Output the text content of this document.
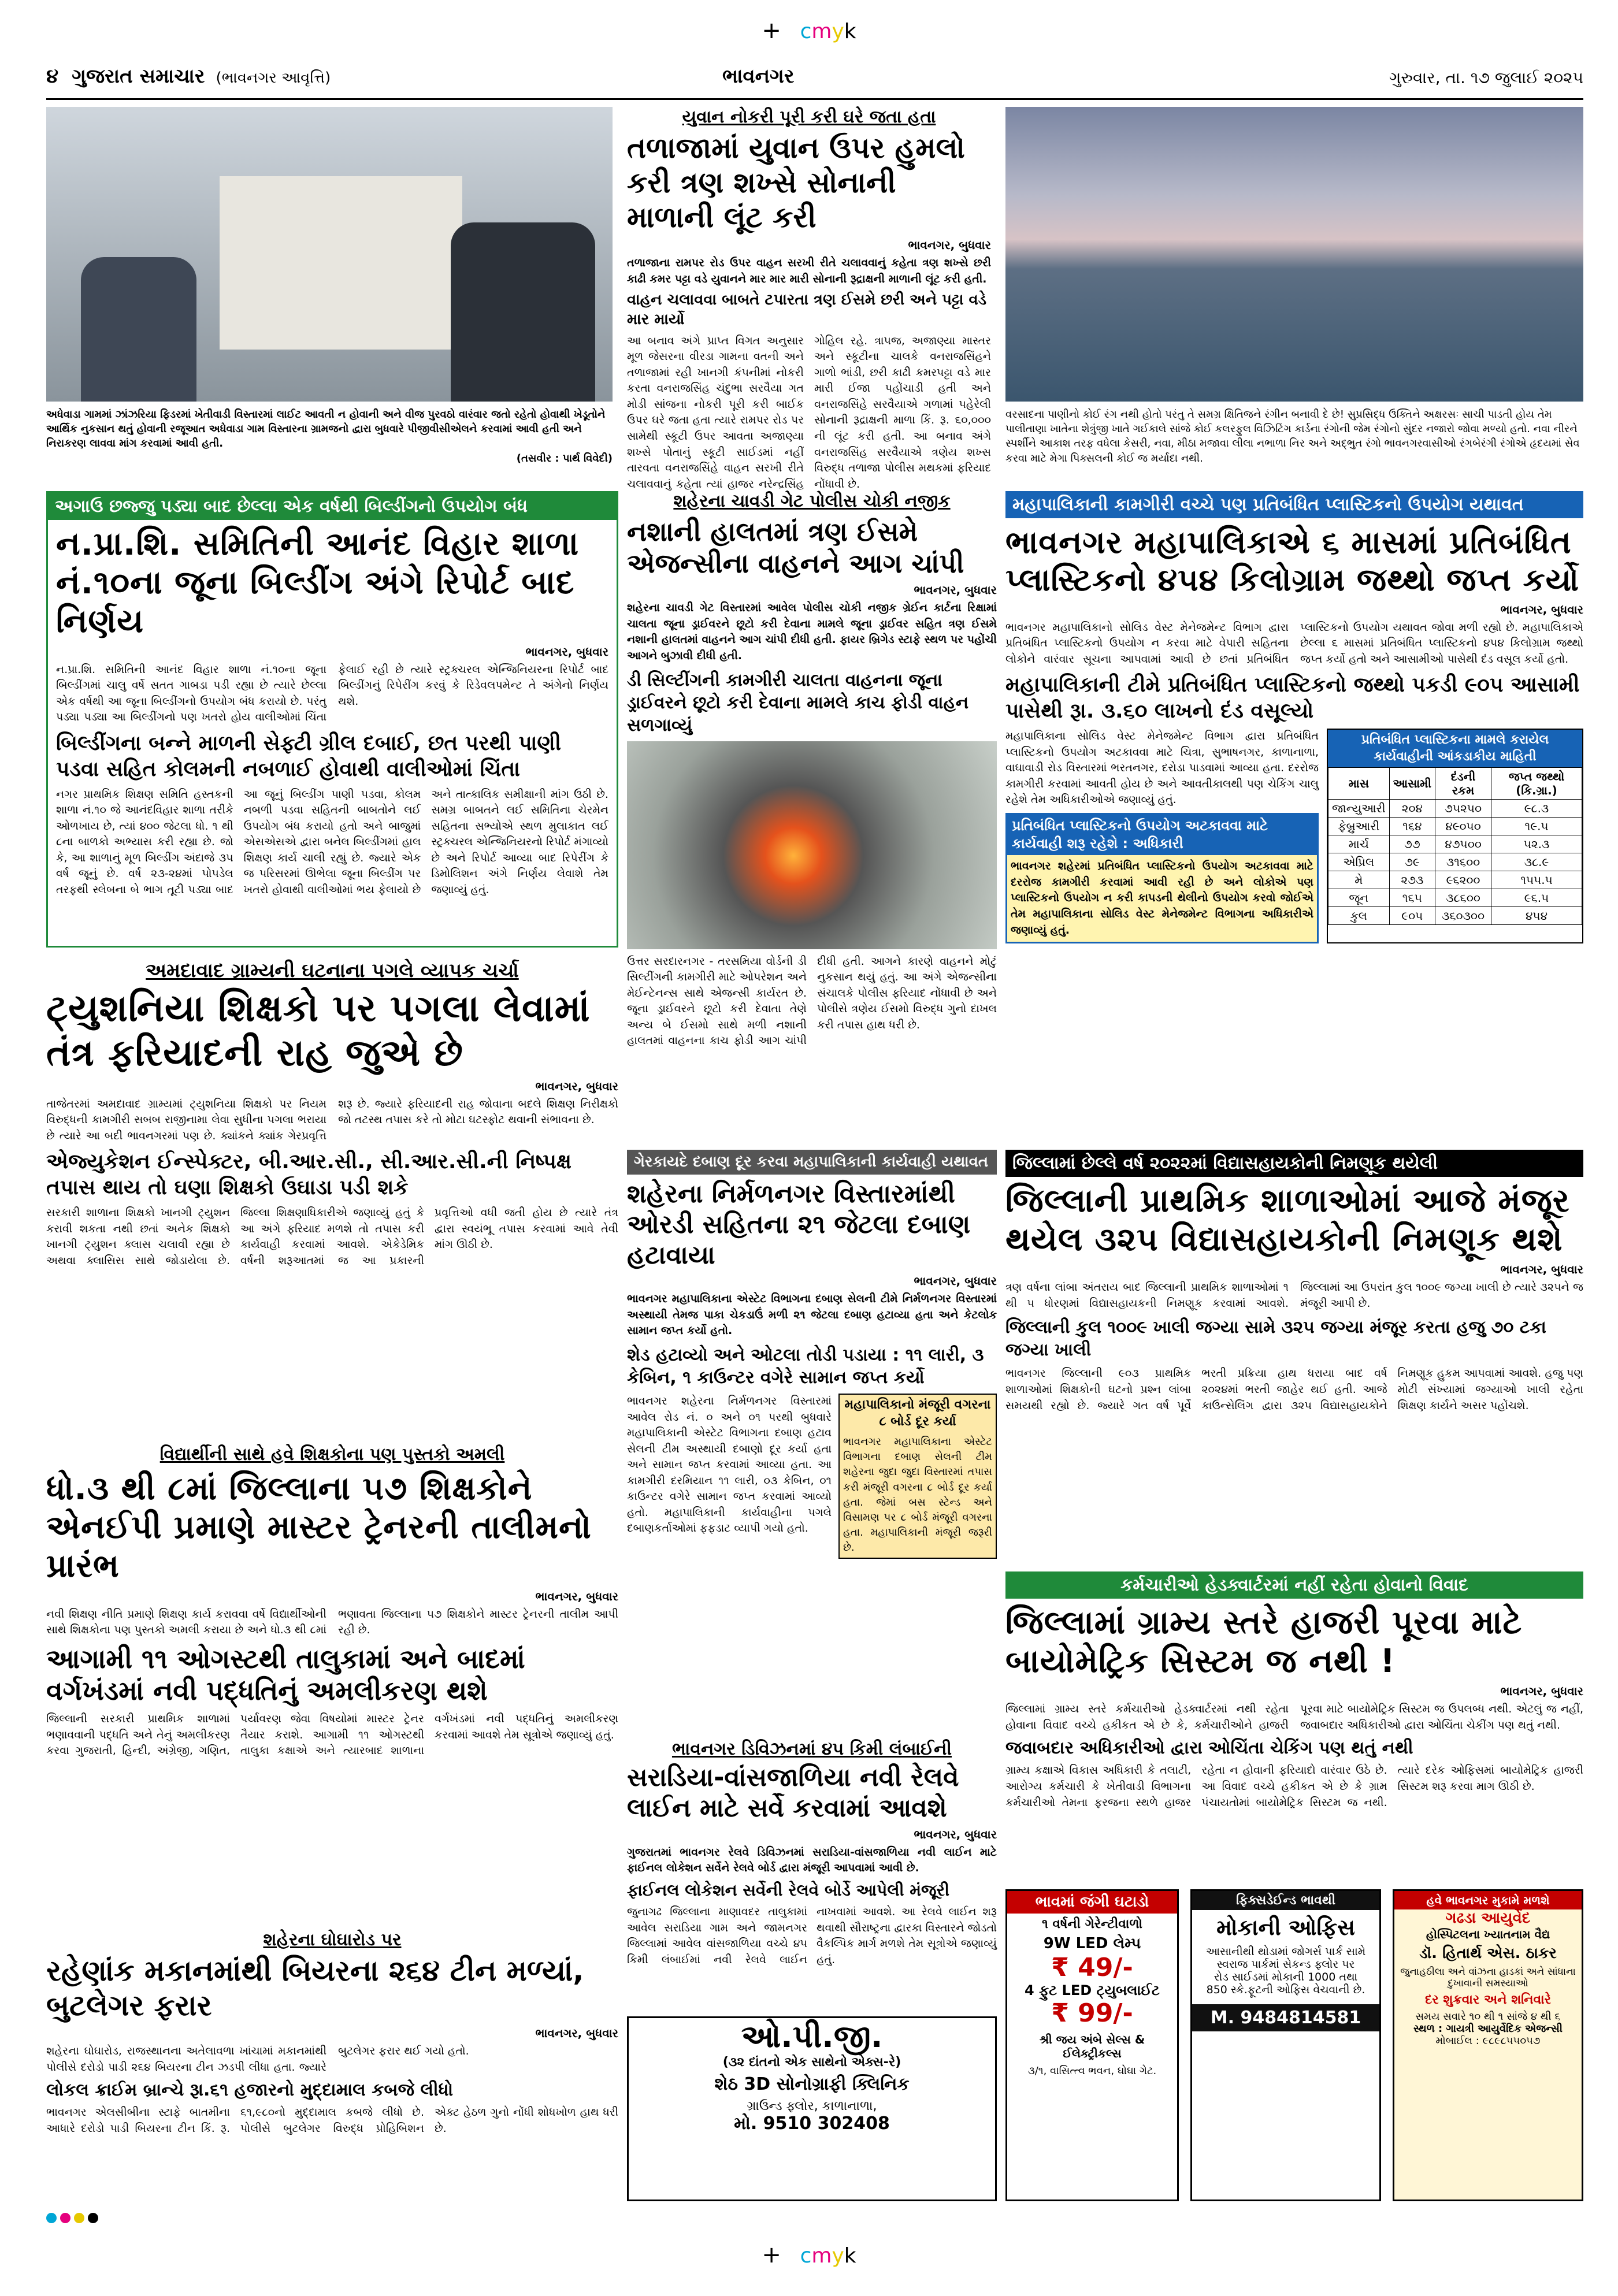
+ cmyk
૪ ગુજરાત સમાચાર (ભાવનગર આવૃત્તિ)	ભાવનગર	ગુરુવાર, તા. ૧૭ જુલાઈ ૨૦૨૫
અધેવાડા ગામમાં ઝાંઝરિયા ફિડરમાં ખેતીવાડી વિસ્તારમાં લાઈટ આવતી ન હોવાની અને વીજ પુરવઠો વારંવાર જતો રહેતો હોવાથી ખેડૂતોને આર્થિક નુકસાન થતું હોવાની રજૂઆત અધેવાડા ગામ વિસ્તારના ગ્રામજનો દ્વારા બુધવારે પીજીવીસીએલને કરવામાં આવી હતી અને નિરાકરણ લાવવા માંગ કરવામાં આવી હતી.
(તસવીર : પાર્થ વિવેદી)
યુવાન નોકરી પૂરી કરી ઘરે જતા હતા
તળાજામાં યુવાન ઉપર હુમલો કરી ત્રણ શખ્સે સોનાની માળાની લૂંટ કરી
ભાવનગર, બુધવાર
તળાજાના રામપર રોડ ઉપર વાહન સરખી રીતે ચલાવવાનું કહેતા ત્રણ શખ્સે છરી કાઢી કમર પટ્ટા વડે યુવાનને માર માર મારી સોનાની રૂદ્રાક્ષની માળાની લૂંટ કરી હતી.
વાહન ચલાવવા બાબતે ટપારતા ત્રણ ઈસમે છરી અને પટ્ટા વડે માર માર્યો
આ બનાવ અંગે પ્રાપ્ત વિગત અનુસાર મૂળ જેસરના વીરડા ગામના વતની અને તળાજામાં રહી ખાનગી કંપનીમાં નોકરી કરતા વનરાજસિંહ ચંદુભા સરવૈયા ગત મોડી સાંજના નોકરી પૂરી કરી બાઈક ઉપર ઘરે જતા હતા ત્યારે રામપર રોડ પર સામેથી સ્કૂટી ઉપર આવતા અજાણ્યા શખ્સે પોતાનું સ્કૂટી સાઈડમાં નહીં તારવતા વનરાજસિંહે વાહન સરખી રીતે ચલાવવાનું કહેતા ત્યાં હાજર નરેન્દ્રસિંહ ગોહિલ રહે. ત્રાપજ, અજાણ્યા માસ્તર અને સ્કૂટીના ચાલકે વનરાજસિંહને ગાળો ભાંડી, છરી કાઢી કમરપટ્ટા વડે માર મારી ઈજા પહોંચાડી હતી અને વનરાજસિંહે સરવૈયાએ ગળામાં પહેરેલી સોનાની રૂદ્રાક્ષની માળા કિં. રૂ. ૬૦,૦૦૦ ની લૂંટ કરી હતી. આ બનાવ અંગે વનરાજસિંહ સરવૈયાએ ત્રણેય શખ્સ વિરુદ્ધ તળાજા પોલીસ મથકમાં ફરિયાદ નોંધાવી છે.
વરસાદના પાણીનો કોઈ રંગ નથી હોતો પરંતુ તે સમગ્ર ક્ષિતિજને રંગીન બનાવી દે છે! સુપ્રસિદ્ધ ઉક્તિને અક્ષરસઃ સાચી પાડતી હોય તેમ પાલીતાણા ખાતેના શેત્રુંજી ખાતે ગઈકાલે સાંજે કોઈ કલરફુલ વિઝિટિંગ કાર્ડના રંગોની જેમ રંગોનો સુંદર નજારો જોવા મળ્યો હતો. નવા નીરને સ્પર્શીને આકાશ તરફ વધેલા કેસરી, નવા, મીઠા મજાવા લીલા નભાળા નિર અને અદ્ભુત રંગો ભાવનગરવાસીઓ રંગબેરંગી રંગોએ હૃદયમાં સેવ કરવા માટે મેગા પિક્સલની કોઈ જ મર્યાદા નથી.
અગાઉ છજ્જુ પડ્યા બાદ છેલ્લા એક વર્ષથી બિલ્ડીંગનો ઉપયોગ બંધ
ન.પ્રા.શિ. સમિતિની આનંદ વિહાર શાળા નં.૧૦ના જૂના બિલ્ડીંગ અંગે રિપોર્ટ બાદ નિર્ણય
ભાવનગર, બુધવાર
ન.પ્રા.શિ. સમિતિની આનંદ વિહાર શાળા નં.૧૦ના જૂના બિલ્ડીંગમાં ચાલુ વર્ષે સતત ગાબડા પડી રહ્યા છે ત્યારે છેલ્લા એક વર્ષથી આ જૂના બિલ્ડીંગનો ઉપયોગ બંધ કરાયો છે. પરંતુ પડ્યા પડ્યા આ બિલ્ડીંગનો પણ ખતરો હોય વાલીઓમાં ચિંતા ફેલાઈ રહી છે ત્યારે સ્ટ્રક્ચરલ એન્જિનિયરના રિપોર્ટ બાદ બિલ્ડીંગનું રિપેરીંગ કરવું કે રિડેવલપમેન્ટ તે અંગેનો નિર્ણય થશે.
બિલ્ડીંગના બન્ને માળની સેફ્ટી ગ્રીલ દબાઈ, છત પરથી પાણી પડવા સહિત કોલમની નબળાઈ હોવાથી વાલીઓમાં ચિંતા
નગર પ્રાથમિક શિક્ષણ સમિતિ હસ્તકની શાળા નં.૧૦ જે આનંદવિહાર શાળા તરીકે ઓળખાય છે, ત્યાં ૪૦૦ જેટલા ધો. ૧ થી ૮ના બાળકો અભ્યાસ કરી રહ્યા છે. જો કે, આ શાળાનું મૂળ બિલ્ડીંગ અંદાજે ૩૫ વર્ષ જૂનું છે. વર્ષ ૨૩-૨૪માં પોપડેલ તરફથી સ્લેબના બે ભાગ તૂટી પડ્યા બાદ આ જૂનું બિલ્ડીંગ પાણી પડવા, કોલમ નબળી પડવા સહિતની બાબતોને લઈ ઉપયોગ બંધ કરાયો હતો અને બાજુમાં એસએસએ દ્વારા બનેલ બિલ્ડીંગમાં હાલ શિક્ષણ કાર્ય ચાલી રહ્યું છે. જ્યારે એક જ પરિસરમાં ઊભેલા જૂના બિલ્ડીંગ પર ખતરો હોવાથી વાલીઓમાં ભય ફેલાયો છે અને તાત્કાલિક સમીક્ષાની માંગ ઉઠી છે. સમગ્ર બાબતને લઈ સમિતિના ચેરમેન સહિતના સભ્યોએ સ્થળ મુલાકાત લઈ સ્ટ્રક્ચરલ એન્જિનિયરનો રિપોર્ટ મંગાવ્યો છે અને રિપોર્ટ આવ્યા બાદ રિપેરીંગ કે ડિમોલિશન અંગે નિર્ણય લેવાશે તેમ જણાવ્યું હતું.
શહેરના ચાવડી ગેટ પોલીસ ચોકી નજીક
નશાની હાલતમાં ત્રણ ઈસમે એજન્સીના વાહનને આગ ચાંપી
ભાવનગર, બુધવાર
શહેરના ચાવડી ગેટ વિસ્તારમાં આવેલ પોલીસ ચોકી નજીક ગ્રેઈન કાર્ટના રિક્ષામાં ચાલતા જૂના ડ્રાઈવરને છૂટો કરી દેવાના મામલે જૂના ડ્રાઈવર સહિત ત્રણ ઈસમે નશાની હાલતમાં વાહનને આગ ચાંપી દીધી હતી. ફાયર બ્રિગેડ સ્ટાફે સ્થળ પર પહોંચી આગને બુઝાવી દીધી હતી.
ડી સિલ્ટીંગની કામગીરી ચાલતા વાહનના જૂના ડ્રાઈવરને છૂટો કરી દેવાના મામલે કાચ ફોડી વાહન સળગાવ્યું
ઉત્તર સરદારનગર - તરસમિયા વોર્ડની ડી સિલ્ટીંગની કામગીરી માટે ઓપરેશન અને મેઈન્ટેનન્સ સાથે એજન્સી કાર્યરત છે. જૂના ડ્રાઈવરને છૂટો કરી દેવાતા તેણે અન્ય બે ઈસમો સાથે મળી નશાની હાલતમાં વાહનના કાચ ફોડી આગ ચાંપી દીધી હતી. આગને કારણે વાહનને મોટું નુકસાન થયું હતું. આ અંગે એજન્સીના સંચાલકે પોલીસ ફરિયાદ નોંધાવી છે અને પોલીસે ત્રણેય ઈસમો વિરુદ્ધ ગુનો દાખલ કરી તપાસ હાથ ધરી છે.
મહાપાલિકાની કામગીરી વચ્ચે પણ પ્રતિબંધિત પ્લાસ્ટિકનો ઉપયોગ યથાવત
ભાવનગર મહાપાલિકાએ ૬ માસમાં પ્રતિબંધિત પ્લાસ્ટિકનો ૪૫૪ કિલોગ્રામ જથ્થો જપ્ત કર્યો
ભાવનગર, બુધવાર
ભાવનગર મહાપાલિકાનો સોલિડ વેસ્ટ મેનેજમેન્ટ વિભાગ દ્વારા પ્રતિબંધિત પ્લાસ્ટિકનો ઉપયોગ ન કરવા માટે વેપારી સહિતના લોકોને વારંવાર સૂચના આપવામાં આવી છે છતાં પ્રતિબંધિત પ્લાસ્ટિકનો ઉપયોગ યથાવત જોવા મળી રહ્યો છે. મહાપાલિકાએ છેલ્લા ૬ માસમાં પ્રતિબંધિત પ્લાસ્ટિકનો ૪૫૪ કિલોગ્રામ જથ્થો જપ્ત કર્યો હતો અને આસામીઓ પાસેથી દંડ વસૂલ કર્યો હતો.
મહાપાલિકાની ટીમે પ્રતિબંધિત પ્લાસ્ટિકનો જથ્થો પકડી ૯૦૫ આસામી પાસેથી રૂા. ૩.૬૦ લાખનો દંડ વસૂલ્યો
મહાપાલિકાના સોલિડ વેસ્ટ મેનેજમેન્ટ વિભાગ દ્વારા પ્રતિબંધિત પ્લાસ્ટિકનો ઉપયોગ અટકાવવા માટે ચિત્રા, સુભાષનગર, કાળાનાળા, વાઘાવાડી રોડ વિસ્તારમાં ભરતનગર, દરોડા પાડવામાં આવ્યા હતા. દરરોજ કામગીરી કરવામાં આવતી હોય છે અને આવતીકાલથી પણ ચેકિંગ ચાલુ રહેશે તેમ અધિકારીઓએ જણાવ્યું હતું.
પ્રતિબંધિત પ્લાસ્ટિકનો ઉપયોગ અટકાવવા માટે કાર્યવાહી શરૂ રહેશે : અધિકારી
ભાવનગર શહેરમાં પ્રતિબંધિત પ્લાસ્ટિકનો ઉપયોગ અટકાવવા માટે દરરોજ કામગીરી કરવામાં આવી રહી છે અને લોકોએ પણ પ્લાસ્ટિકનો ઉપયોગ ન કરી કાપડની થેલીનો ઉપયોગ કરવો જોઈએ તેમ મહાપાલિકાના સોલિડ વેસ્ટ મેનેજમેન્ટ વિભાગના અધિકારીએ જણાવ્યું હતું.
પ્રતિબંધિત પ્લાસ્ટિકના મામલે કરાયેલ કાર્યવાહીની આંકડાકીય માહિતી
માસ	આસામી	દંડની રકમ	જપ્ત જથ્થો (કિ.ગ્રા.)
જાન્યુઆરી	૨૦૪	૭૫૨૫૦	૯૮.૩
ફેબ્રુઆરી	૧૬૪	૪૯૦૫૦	૧૯.૫
માર્ચ	૭૭	૪૭૫૦૦	૫૨.૩
એપ્રિલ	૭૯	૩૧૬૦૦	૩૮.૯
મે	૨૭૩	૯૬૨૦૦	૧૫૫.૫
જૂન	૧૬૫	૩૮૬૦૦	૯૬.૫
કુલ	૯૦૫	૩૬૦૩૦૦	૪૫૪
અમદાવાદ ગ્રામ્યની ઘટનાના પગલે વ્યાપક ચર્ચા
ટ્યુશનિયા શિક્ષકો પર પગલા લેવામાં તંત્ર ફરિયાદની રાહ જુએ છે
ભાવનગર, બુધવાર
તાજેતરમાં અમદાવાદ ગ્રામ્યમાં ટ્યુશનિયા શિક્ષકો પર નિયમ વિરુદ્ધની કામગીરી સબબ રાજીનામા લેવા સુધીના પગલા ભરાયા છે ત્યારે આ બદી ભાવનગરમાં પણ છે. ક્યાંકને ક્યાંક ગેરપ્રવૃત્તિ શરૂ છે. જ્યારે ફરિયાદની રાહ જોવાના બદલે શિક્ષણ નિરીક્ષકો જો તટસ્થ તપાસ કરે તો મોટા ઘટસ્ફોટ થવાની સંભાવના છે.
એજ્યુકેશન ઈન્સ્પેક્ટર, બી.આર.સી., સી.આર.સી.ની નિષ્પક્ષ તપાસ થાય તો ઘણા શિક્ષકો ઉઘાડા પડી શકે
સરકારી શાળાના શિક્ષકો ખાનગી ટ્યુશન કરાવી શકતા નથી છતાં અનેક શિક્ષકો ખાનગી ટ્યુશન ક્લાસ ચલાવી રહ્યા છે અથવા ક્લાસિસ સાથે જોડાયેલા છે. જિલ્લા શિક્ષણાધિકારીએ જણાવ્યું હતું કે આ અંગે ફરિયાદ મળશે તો તપાસ કરી કાર્યવાહી કરવામાં આવશે. એકેડેમિક વર્ષની શરૂઆતમાં જ આ પ્રકારની પ્રવૃત્તિઓ વધી જતી હોય છે ત્યારે તંત્ર દ્વારા સ્વયંભૂ તપાસ કરવામાં આવે તેવી માંગ ઊઠી છે.
વિદ્યાર્થીની સાથે હવે શિક્ષકોના પણ પુસ્તકો અમલી
ધો.૩ થી ૮માં જિલ્લાના ૫૭ શિક્ષકોને એનઈપી પ્રમાણે માસ્ટર ટ્રેનરની તાલીમનો પ્રારંભ
ભાવનગર, બુધવાર
નવી શિક્ષણ નીતિ પ્રમાણે શિક્ષણ કાર્ય કરાવવા વર્ષે વિદ્યાર્થીઓની સાથે શિક્ષકોના પણ પુસ્તકો અમલી કરાયા છે અને ધો.૩ થી ૮માં ભણાવતા જિલ્લાના ૫૭ શિક્ષકોને માસ્ટર ટ્રેનરની તાલીમ આપી રહી છે.
આગામી ૧૧ ઓગસ્ટથી તાલુકામાં અને બાદમાં વર્ગખંડમાં નવી પદ્ધતિનું અમલીકરણ થશે
જિલ્લાની સરકારી પ્રાથમિક શાળામાં ભણાવવાની પદ્ધતિ અને તેનું અમલીકરણ કરવા ગુજરાતી, હિન્દી, અંગ્રેજી, ગણિત, પર્યાવરણ જેવા વિષયોમાં માસ્ટર ટ્રેનર તૈયાર કરાશે. આગામી ૧૧ ઓગસ્ટથી તાલુકા કક્ષાએ અને ત્યારબાદ શાળાના વર્ગખંડમાં નવી પદ્ધતિનું અમલીકરણ કરવામાં આવશે તેમ સૂત્રોએ જણાવ્યું હતું.
શહેરના ઘોઘારોડ પર
રહેણાંક મકાનમાંથી બિયરના ૨૬૪ ટીન મળ્યાં, બુટલેગર ફરાર
ભાવનગર, બુધવાર
શહેરના ઘોઘારોડ, રાજસ્થાનના અતેલાવળા ખાંચામાં મકાનમાંથી પોલીસે દરોડો પાડી ૨૬૪ બિયરના ટીન ઝડપી લીધા હતા. જ્યારે બુટલેગર ફરાર થઈ ગયો હતો.
લોકલ ક્રાઈમ બ્રાન્ચે રૂા.૬૧ હજારનો મુદ્દામાલ કબજે લીધો
ભાવનગર એલસીબીના સ્ટાફે બાતમીના આધારે દરોડો પાડી બિયરના ટીન કિં. રૂ. ૬૧,૯૮૦નો મુદ્દામાલ કબજે લીધો છે. પોલીસે બુટલેગર વિરુદ્ધ પ્રોહિબિશન એક્ટ હેઠળ ગુનો નોંધી શોધખોળ હાથ ધરી છે.
ગેરકાયદે દબાણ દૂર કરવા મહાપાલિકાની કાર્યવાહી યથાવત
શહેરના નિર્મળનગર વિસ્તારમાંથી ઓરડી સહિતના ૨૧ જેટલા દબાણ હટાવાયા
ભાવનગર, બુધવાર
ભાવનગર મહાપાલિકાના એસ્ટેટ વિભાગના દબાણ સેલની ટીમે નિર્મળનગર વિસ્તારમાં અસ્થાયી તેમજ પાકા ચેકડાઉં મળી ૨૧ જેટલા દબાણ હટાવ્યા હતા અને કેટલોક સામાન જપ્ત કર્યો હતો.
શેડ હટાવ્યો અને ઓટલા તોડી પડાયા : ૧૧ લારી, ૩ કેબિન, ૧ કાઉન્ટર વગેરે સામાન જપ્ત કર્યો
ભાવનગર શહેરના નિર્મળનગર વિસ્તારમાં આવેલ રોડ નં. ૦ અને ૦૧ પરથી બુધવારે મહાપાલિકાની એસ્ટેટ વિભાગના દબાણ હટાવ સેલની ટીમ અસ્થાયી દબાણો દૂર કર્યા હતા અને સામાન જપ્ત કરવામાં આવ્યા હતા. આ કામગીરી દરમિયાન ૧૧ લારી, ૦૩ કેબિન, ૦૧ કાઉન્ટર વગેરે સામાન જપ્ત કરવામાં આવ્યો હતો. મહાપાલિકાની કાર્યવાહીના પગલે દબાણકર્તાઓમાં ફફડાટ વ્યાપી ગયો હતો.
મહાપાલિકાનો મંજૂરી વગરના ૮ બોર્ડ દૂર કર્યા
ભાવનગર મહાપાલિકાના એસ્ટેટ વિભાગના દબાણ સેલની ટીમ શહેરના જુદા જુદા વિસ્તારમાં તપાસ કરી મંજૂરી વગરના ૮ બોર્ડ દૂર કર્યા હતા. જેમાં બસ સ્ટેન્ડ અને વિસામણ પર ૮ બોર્ડ મંજૂરી વગરના હતા. મહાપાલિકાની મંજૂરી જરૂરી છે.
ભાવનગર ડિવિઝનમાં ૪૫ કિમી લંબાઈની
સરાડિયા-વાંસજાળિયા નવી રેલવે લાઈન માટે સર્વે કરવામાં આવશે
ભાવનગર, બુધવાર
ગુજરાતમાં ભાવનગર રેલવે ડિવિઝનમાં સરાડિયા-વાંસજાળિયા નવી લાઈન માટે ફાઈનલ લોકેશન સર્વેને રેલવે બોર્ડ દ્વારા મંજૂરી આપવામાં આવી છે.
ફાઈનલ લોકેશન સર્વેની રેલવે બોર્ડે આપેલી મંજૂરી
જુનાગઢ જિલ્લાના માણાવદર તાલુકામાં આવેલ સરાડિયા ગામ અને જામનગર જિલ્લામાં આવેલ વાંસજાળિયા વચ્ચે ૪૫ કિમી લંબાઈમાં નવી રેલવે લાઈન નાખવામાં આવશે. આ રેલવે લાઈન શરૂ થવાથી સૌરાષ્ટ્રના દ્વારકા વિસ્તારને જોડતો વૈકલ્પિક માર્ગ મળશે તેમ સૂત્રોએ જણાવ્યું હતું.
જિલ્લામાં છેલ્લે વર્ષ ૨૦૨૨માં વિદ્યાસહાયકોની નિમણૂક થયેલી
જિલ્લાની પ્રાથમિક શાળાઓમાં આજે મંજૂર થયેલ ૩૨૫ વિદ્યાસહાયકોની નિમણૂક થશે
ભાવનગર, બુધવાર
ત્રણ વર્ષના લાંબા અંતરાય બાદ જિલ્લાની પ્રાથમિક શાળાઓમાં ૧ થી ૫ ધોરણમાં વિદ્યાસહાયકની નિમણૂક કરવામાં આવશે. જિલ્લામાં આ ઉપરાંત કુલ ૧૦૦૯ જગ્યા ખાલી છે ત્યારે ૩૨૫ને જ મંજૂરી આપી છે.
જિલ્લાની કુલ ૧૦૦૯ ખાલી જગ્યા સામે ૩૨૫ જગ્યા મંજૂર કરતા હજુ ૭૦ ટકા જગ્યા ખાલી
ભાવનગર જિલ્લાની ૯૦૩ પ્રાથમિક શાળાઓમાં શિક્ષકોની ઘટનો પ્રશ્ન લાંબા સમયથી રહ્યો છે. જ્યારે ગત વર્ષ પૂર્વે ભરતી પ્રક્રિયા હાથ ધરાયા બાદ વર્ષ ૨૦૨૪માં ભરતી જાહેર થઈ હતી. આજે કાઉન્સેલિંગ દ્વારા ૩૨૫ વિદ્યાસહાયકોને નિમણૂક હુકમ આપવામાં આવશે. હજુ પણ મોટી સંખ્યામાં જગ્યાઓ ખાલી રહેતા શિક્ષણ કાર્યને અસર પહોંચશે.
કર્મચારીઓ હેડક્વાર્ટરમાં નહીં રહેતા હોવાનો વિવાદ
જિલ્લામાં ગ્રામ્ય સ્તરે હાજરી પૂરવા માટે બાયોમેટ્રિક સિસ્ટમ જ નથી !
ભાવનગર, બુધવાર
જિલ્લામાં ગ્રામ્ય સ્તરે કર્મચારીઓ હેડક્વાર્ટરમાં નથી રહેતા હોવાના વિવાદ વચ્ચે હકીકત એ છે કે, કર્મચારીઓને હાજરી પૂરવા માટે બાયોમેટ્રિક સિસ્ટમ જ ઉપલબ્ધ નથી. એટલું જ નહીં, જવાબદાર અધિકારીઓ દ્વારા ઓચિંતા ચેકીંગ પણ થતું નથી.
જવાબદાર અધિકારીઓ દ્વારા ઓચિંતા ચેકિંગ પણ થતું નથી
ગ્રામ્ય કક્ષાએ વિકાસ અધિકારી કે તલાટી, આરોગ્ય કર્મચારી કે ખેતીવાડી વિભાગના કર્મચારીઓ તેમના ફરજના સ્થળે હાજર રહેતા ન હોવાની ફરિયાદો વારંવાર ઉઠે છે. આ વિવાદ વચ્ચે હકીકત એ છે કે ગ્રામ પંચાયતોમાં બાયોમેટ્રિક સિસ્ટમ જ નથી. ત્યારે દરેક ઓફિસમાં બાયોમેટ્રિક હાજરી સિસ્ટમ શરૂ કરવા માગ ઊઠી છે.
ભાવમાં જંગી ઘટાડો
૧ વર્ષની ગેરેન્ટીવાળો
9W LED લેમ્પ
₹ 49/-
4 ફુટ LED ટ્યુબલાઈટ
₹ 99/-
શ્રી જય અંબે સેલ્સ & ઈલેક્ટ્રીકલ્સ
૩/૧, વાસિત્ત્વ ભવન, ઘોઘા ગેટ.
ફિક્સડેઈન્ડ ભાવથી
મોકાની ઓફિસ
આસાનીથી થોડામાં જોગર્સ પાર્ક સામે
સ્વરાજ પાર્કમાં સેકન્ડ ફ્લોર પર
રોડ સાઈડમાં મોકાની 1000 તથા
850 સ્કે.ફૂટની ઓફિસ વેચવાની છે.
M. 9484814581
હવે ભાવનગર મુકામે મળશે
ગઢડા આયુર્વેદ
હોસ્પિટલના ખ્યાતનામ વૈદ્ય
ડૉ. હિતાર્થ એસ. ઠાકર
જુનાહઠીલા અને વાંઝના હાડકાં અને સાંધાના દુખાવાની સમસ્યાઓ
દર શુક્રવાર અને શનિવારે
સમય સવારે ૧૦ થી ૧ સાંજે ૪ થી ૬
સ્થળ : ગાયત્રી આયુર્વેદિક એજન્સી
મોબાઈલ : ૯૮૯૮૫૫૦૫૭
ઓ.પી.જી.
(૩૨ દાંતનો એક સાથેનો એક્સ-રે)
શેઠ 3D સોનોગ્રાફી ક્લિનિક
ગ્રાઉન્ડ ફ્લોર, કાળાનાળા,
મો. 9510 302408
+ cmyk
